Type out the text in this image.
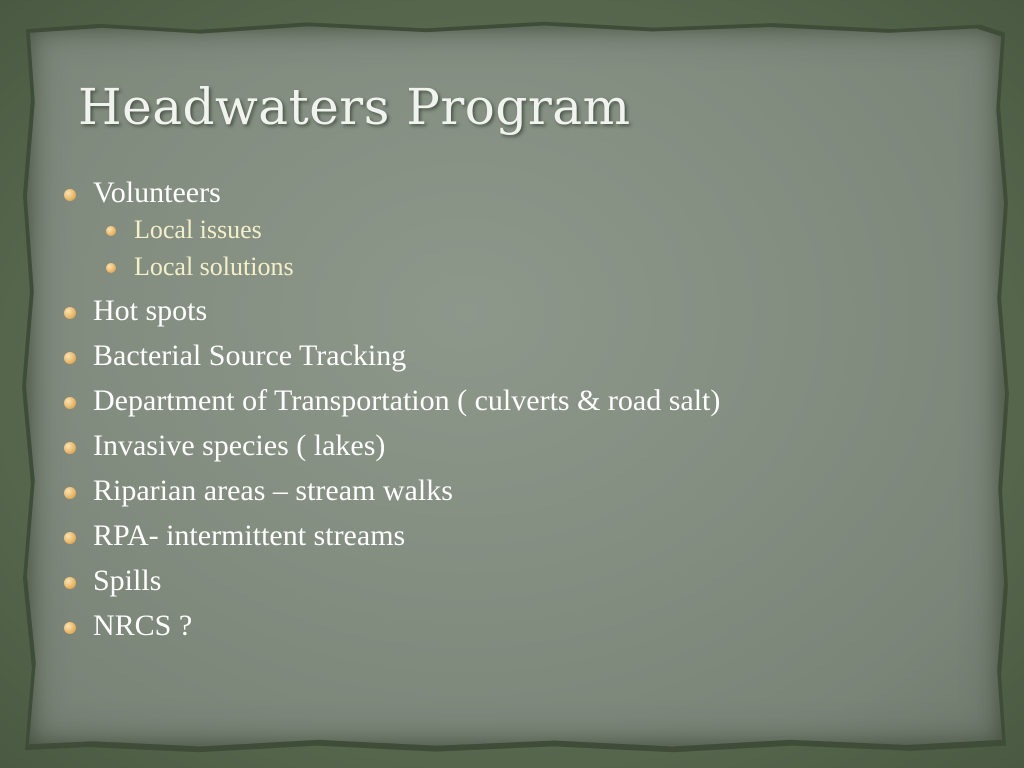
Headwaters Program
Volunteers
Local issues
Local solutions
Hot spots
Bacterial Source Tracking
Department of Transportation ( culverts & road salt)
Invasive species ( lakes)
Riparian areas – stream walks
RPA- intermittent streams
Spills
NRCS ?
